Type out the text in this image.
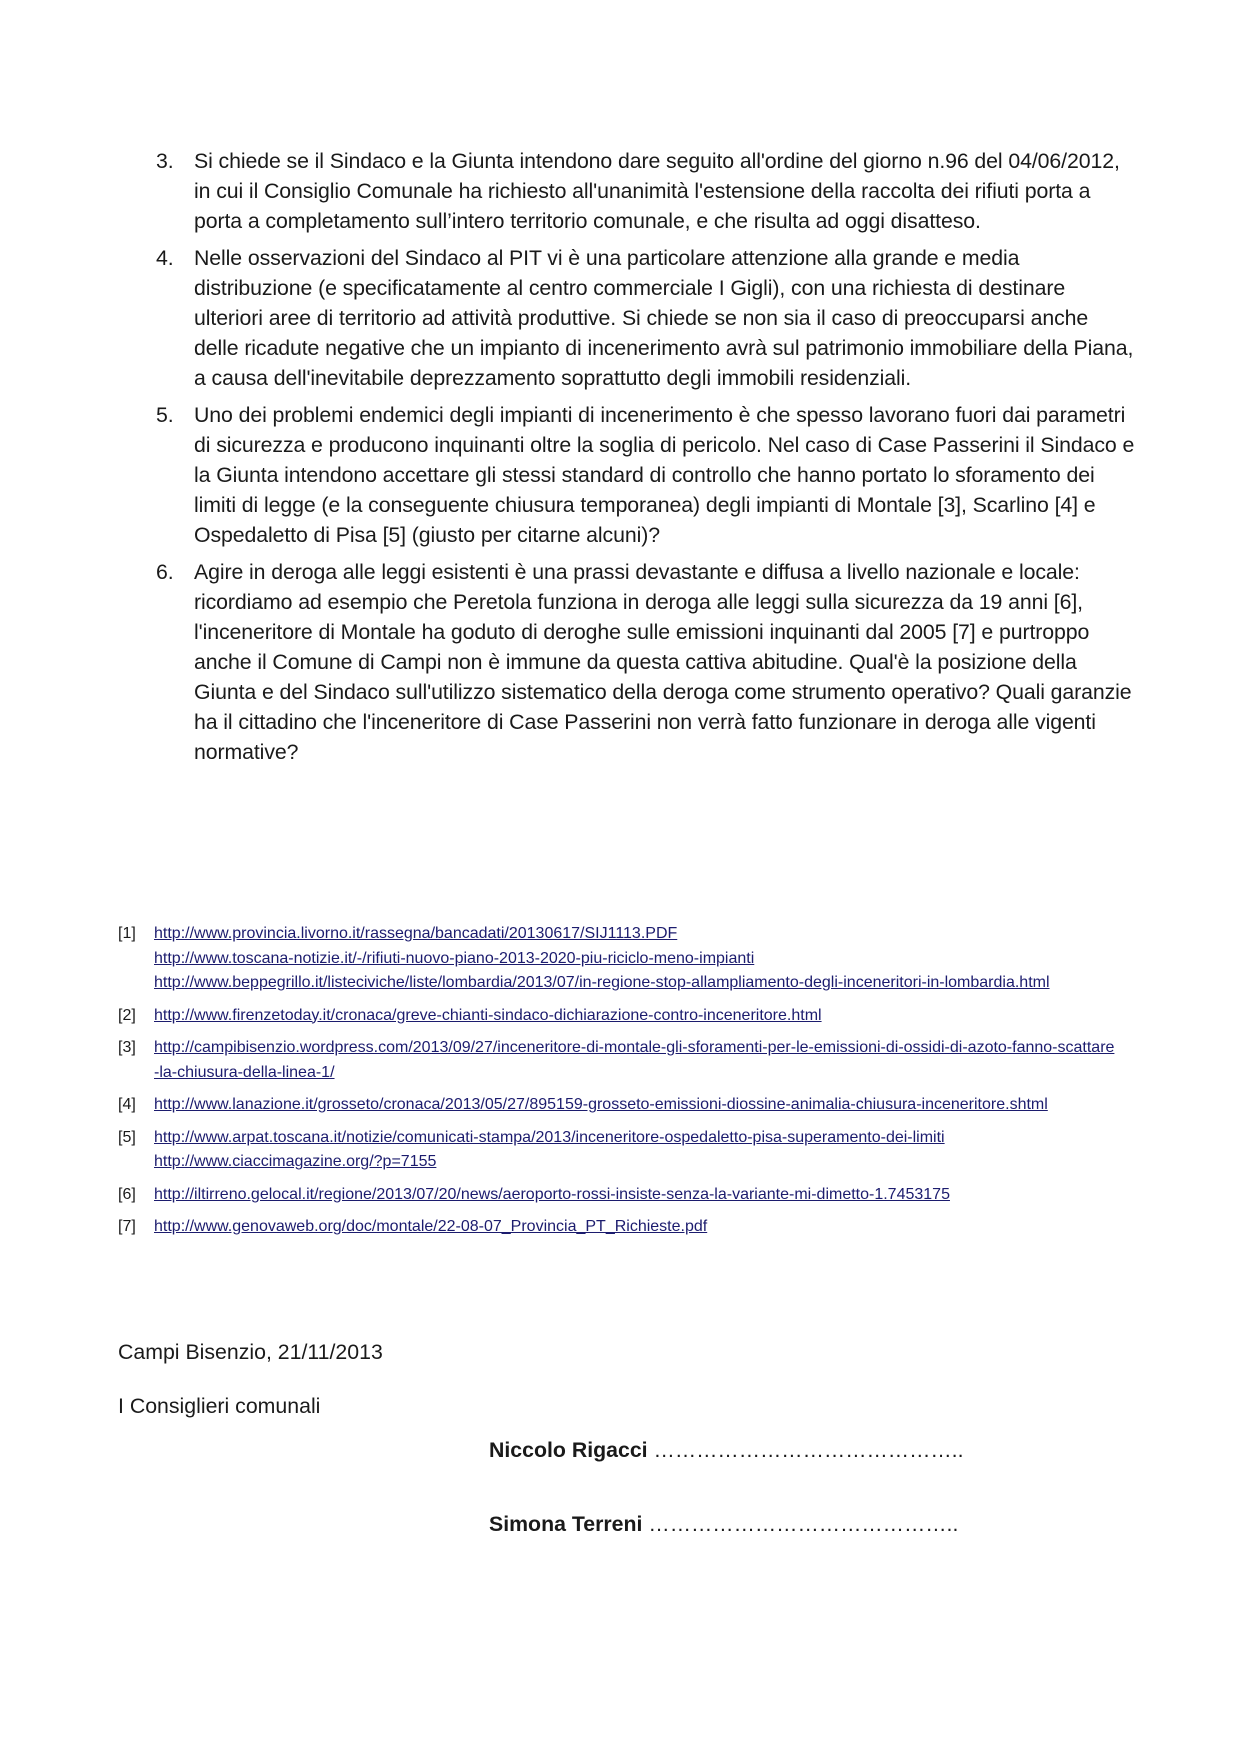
3. Si chiede se il Sindaco e la Giunta intendono dare seguito all'ordine del giorno n.96 del 04/06/2012, in cui il Consiglio Comunale ha richiesto all'unanimità l'estensione della raccolta dei rifiuti porta a porta a completamento sull’intero territorio comunale, e che risulta ad oggi disatteso.
4. Nelle osservazioni del Sindaco al PIT vi è una particolare attenzione alla grande e media distribuzione (e specificatamente al centro commerciale I Gigli), con una richiesta di destinare ulteriori aree di territorio ad attività produttive. Si chiede se non sia il caso di preoccuparsi anche delle ricadute negative che un impianto di incenerimento avrà sul patrimonio immobiliare della Piana, a causa dell'inevitabile deprezzamento soprattutto degli immobili residenziali.
5. Uno dei problemi endemici degli impianti di incenerimento è che spesso lavorano fuori dai parametri di sicurezza e producono inquinanti oltre la soglia di pericolo. Nel caso di Case Passerini il Sindaco e la Giunta intendono accettare gli stessi standard di controllo che hanno portato lo sforamento dei limiti di legge (e la conseguente chiusura temporanea) degli impianti di Montale [3], Scarlino [4] e Ospedaletto di Pisa [5] (giusto per citarne alcuni)?
6. Agire in deroga alle leggi esistenti è una prassi devastante e diffusa a livello nazionale e locale: ricordiamo ad esempio che Peretola funziona in deroga alle leggi sulla sicurezza da 19 anni [6], l'inceneritore di Montale ha goduto di deroghe sulle emissioni inquinanti dal 2005 [7] e purtroppo anche il Comune di Campi non è immune da questa cattiva abitudine. Qual'è la posizione della Giunta e del Sindaco sull'utilizzo sistematico della deroga come strumento operativo? Quali garanzie ha il cittadino che l'inceneritore di Case Passerini non verrà fatto funzionare in deroga alle vigenti normative?
[1] http://www.provincia.livorno.it/rassegna/bancadati/20130617/SIJ1113.PDF
http://www.toscana-notizie.it/-/rifiuti-nuovo-piano-2013-2020-piu-riciclo-meno-impianti
http://www.beppegrillo.it/listeciviche/liste/lombardia/2013/07/in-regione-stop-allampliamento-degli-inceneritori-in-lombardia.html
[2] http://www.firenzetoday.it/cronaca/greve-chianti-sindaco-dichiarazione-contro-inceneritore.html
[3] http://campibisenzio.wordpress.com/2013/09/27/inceneritore-di-montale-gli-sforamenti-per-le-emissioni-di-ossidi-di-azoto-fanno-scattare-la-chiusura-della-linea-1/
[4] http://www.lanazione.it/grosseto/cronaca/2013/05/27/895159-grosseto-emissioni-diossine-animalia-chiusura-inceneritore.shtml
[5] http://www.arpat.toscana.it/notizie/comunicati-stampa/2013/inceneritore-ospedaletto-pisa-superamento-dei-limiti
http://www.ciaccimagazine.org/?p=7155
[6] http://iltirreno.gelocal.it/regione/2013/07/20/news/aeroporto-rossi-insiste-senza-la-variante-mi-dimetto-1.7453175
[7] http://www.genovaweb.org/doc/montale/22-08-07_Provincia_PT_Richieste.pdf
Campi Bisenzio, 21/11/2013
I Consiglieri comunali
Niccolo Rigacci ……………………………………..
Simona Terreni ……………………………………..
